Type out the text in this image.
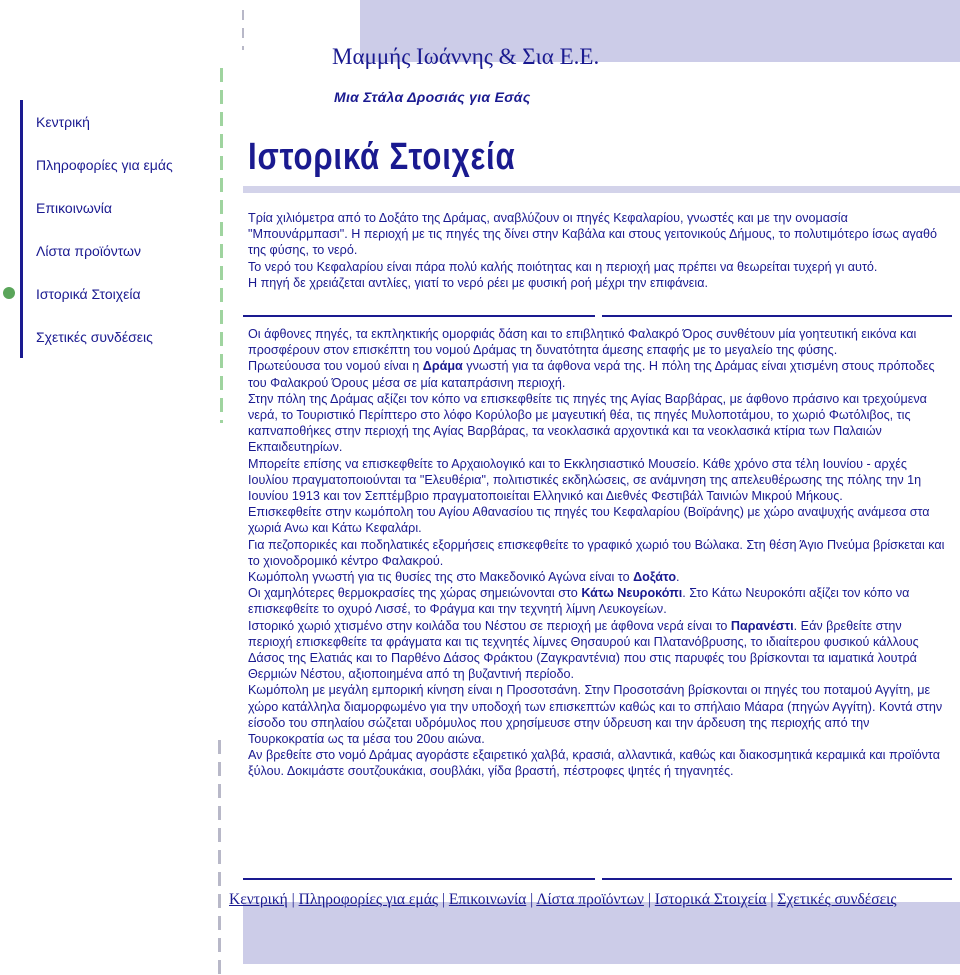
Μαμμής Ιωάννης & Σια Ε.Ε.
Μια Στάλα Δροσιάς για Εσάς
Κεντρική
Πληροφορίες για εμάς
Επικοινωνία
Λίστα προϊόντων
Ιστορικά Στοιχεία
Σχετικές συνδέσεις
Ιστορικά Στοιχεία

Τρία χιλιόμετρα από το Δοξάτο της Δράμας, αναβλύζουν οι πηγές Κεφαλαρίου, γνωστές και με την ονομασία "Μπουνάρμπασι". Η περιοχή με τις πηγές της δίνει στην Καβάλα και στους γειτονικούς Δήμους, το πολυτιμότερο ίσως αγαθό της φύσης, το νερό.

Το νερό του Κεφαλαρίου είναι πάρα πολύ καλής ποιότητας και η περιοχή μας πρέπει να θεωρείται τυχερή γι αυτό.

Η πηγή δε χρειάζεται αντλίες, γιατί το νερό ρέει με φυσική ροή μέχρι την επιφάνεια.

Οι άφθονες πηγές, τα εκπληκτικής ομορφιάς δάση και το επιβλητικό Φαλακρό Όρος συνθέτουν μία γοητευτική εικόνα και προσφέρουν στον επισκέπτη του νομού Δράμας τη δυνατότητα άμεσης επαφής με το μεγαλείο της φύσης.

Πρωτεύουσα του νομού είναι η Δράμα γνωστή για τα άφθονα νερά της. Η πόλη της Δράμας είναι χτισμένη στους πρόποδες του Φαλακρού Όρους μέσα σε μία καταπράσινη περιοχή.

Στην πόλη της Δράμας αξίζει τον κόπο να επισκεφθείτε τις πηγές της Αγίας Βαρβάρας, με άφθονο πράσινο και τρεχούμενα νερά, το Τουριστικό Περίπτερο στο λόφο Κορύλοβο με μαγευτική θέα, τις πηγές Μυλοποτάμου, το χωριό Φωτόλιβος, τις καπναποθήκες στην περιοχή της Αγίας Βαρβάρας, τα νεοκλασικά αρχοντικά και τα νεοκλασικά κτίρια των Παλαιών Εκπαιδευτηρίων.

Μπορείτε επίσης να επισκεφθείτε το Αρχαιολογικό και το Εκκλησιαστικό Μουσείο. Κάθε χρόνο στα τέλη Ιουνίου - αρχές Ιουλίου πραγματοποιούνται τα "Ελευθέρια", πολιτιστικές εκδηλώσεις, σε ανάμνηση της απελευθέρωσης της πόλης την 1η Ιουνίου 1913 και τον Σεπτέμβριο πραγματοποιείται Ελληνικό και Διεθνές Φεστιβάλ Ταινιών Μικρού Μήκους.

Επισκεφθείτε στην κωμόπολη του Αγίου Αθανασίου τις πηγές του Κεφαλαρίου (Βοϊράνης) με χώρο αναψυχής ανάμεσα στα χωριά Ανω και Κάτω Κεφαλάρι.

Για πεζοπορικές και ποδηλατικές εξορμήσεις επισκεφθείτε το γραφικό χωριό του Βώλακα. Στη θέση Άγιο Πνεύμα βρίσκεται και το χιονοδρομικό κέντρο Φαλακρού.

Κωμόπολη γνωστή για τις θυσίες της στο Μακεδονικό Αγώνα είναι το Δοξάτο.

Οι χαμηλότερες θερμοκρασίες της χώρας σημειώνονται στο Κάτω Νευροκόπι. Στο Κάτω Νευροκόπι αξίζει τον κόπο να επισκεφθείτε το οχυρό Λισσέ, το Φράγμα και την τεχνητή λίμνη Λευκογείων.

Ιστορικό χωριό χτισμένο στην κοιλάδα του Νέστου σε περιοχή με άφθονα νερά είναι το Παρανέστι. Εάν βρεθείτε στην περιοχή επισκεφθείτε τα φράγματα και τις τεχνητές λίμνες Θησαυρού και Πλατανόβρυσης, το ιδιαίτερου φυσικού κάλλους Δάσος της Ελατιάς και το Παρθένο Δάσος Φράκτου (Ζαγκραντένια) που στις παρυφές του βρίσκονται τα ιαματικά λουτρά Θερμιών Νέστου, αξιοποιημένα από τη βυζαντινή περίοδο.

Κωμόπολη με μεγάλη εμπορική κίνηση είναι η Προσοτσάνη. Στην Προσοτσάνη βρίσκονται οι πηγές του ποταμού Αγγίτη, με χώρο κατάλληλα διαμορφωμένο για την υποδοχή των επισκεπτών καθώς και το σπήλαιο Μάαρα (πηγών Αγγίτη). Κοντά στην είσοδο του σπηλαίου σώζεται υδρόμυλος που χρησίμευσε στην ύδρευση και την άρδευση της περιοχής από την Τουρκοκρατία ως τα μέσα του 20ου αιώνα.

Αν βρεθείτε στο νομό Δράμας αγοράστε εξαιρετικό χαλβά, κρασιά, αλλαντικά, καθώς και διακοσμητικά κεραμικά και προϊόντα ξύλου. Δοκιμάστε σουτζουκάκια, σουβλάκι, γίδα βραστή, πέστροφες ψητές ή τηγανητές.

Κεντρική | Πληροφορίες για εμάς | Επικοινωνία | Λίστα προϊόντων | Ιστορικά Στοιχεία | Σχετικές συνδέσεις
